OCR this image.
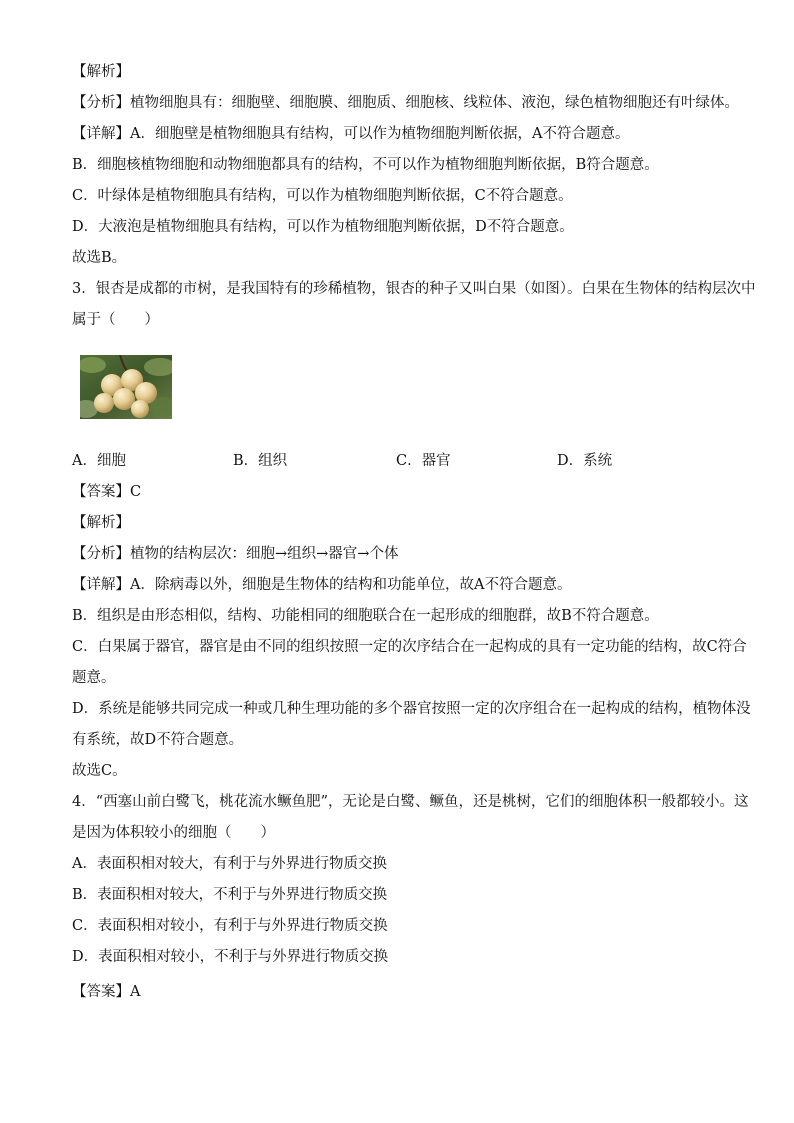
【解析】
【分析】植物细胞具有：细胞壁、细胞膜、细胞质、细胞核、线粒体、液泡，绿色植物细胞还有叶绿体。
【详解】A．细胞壁是植物细胞具有结构，可以作为植物细胞判断依据，A不符合题意。
B．细胞核植物细胞和动物细胞都具有的结构，不可以作为植物细胞判断依据，B符合题意。
C．叶绿体是植物细胞具有结构，可以作为植物细胞判断依据，C不符合题意。
D．大液泡是植物细胞具有结构，可以作为植物细胞判断依据，D不符合题意。
故选B。
3．银杏是成都的市树，是我国特有的珍稀植物，银杏的种子又叫白果（如图）。白果在生物体的结构层次中
属于（　　）
A．细胞	B．组织	C．器官	D．系统
【答案】C
【解析】
【分析】植物的结构层次：细胞→组织→器官→个体
【详解】A．除病毒以外，细胞是生物体的结构和功能单位，故A不符合题意。
B．组织是由形态相似，结构、功能相同的细胞联合在一起形成的细胞群，故B不符合题意。
C．白果属于器官，器官是由不同的组织按照一定的次序结合在一起构成的具有一定功能的结构，故C符合
题意。
D．系统是能够共同完成一种或几种生理功能的多个器官按照一定的次序组合在一起构成的结构，植物体没
有系统，故D不符合题意。
故选C。
4．“西塞山前白鹭飞，桃花流水鳜鱼肥”，无论是白鹭、鳜鱼，还是桃树，它们的细胞体积一般都较小。这
是因为体积较小的细胞（　　）
A．表面积相对较大，有利于与外界进行物质交换
B．表面积相对较大，不利于与外界进行物质交换
C．表面积相对较小，有利于与外界进行物质交换
D．表面积相对较小，不利于与外界进行物质交换
【答案】A
